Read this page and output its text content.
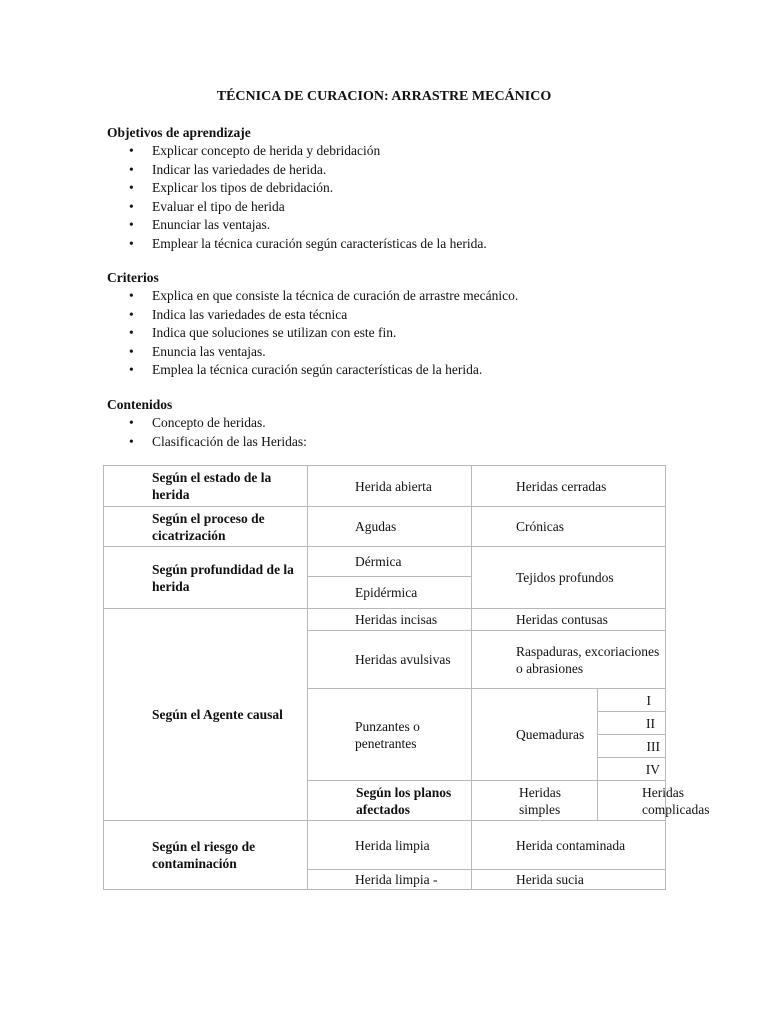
TÉCNICA DE CURACION: ARRASTRE MECÁNICO
Objetivos de aprendizaje
• Explicar concepto de herida y debridación
• Indicar las variedades de herida.
• Explicar los tipos de debridación.
• Evaluar el tipo de herida
• Enunciar las ventajas.
• Emplear la técnica curación según características de la herida.
Criterios
• Explica en que consiste la técnica de curación de arrastre mecánico.
• Indica las variedades de esta técnica
• Indica que soluciones se utilizan con este fin.
• Enuncia las ventajas.
• Emplea la técnica curación según características de la herida.
Contenidos
• Concepto de heridas.
• Clasificación de las Heridas:
Según el estado de la herida	Herida abierta	Heridas cerradas	
Según el proceso de cicatrización	Agudas	Crónicas	
Según profundidad de la herida	Dérmica	Tejidos profundos	
	Epidérmica		
Según el Agente causal	Heridas incisas	Heridas contusas	
	Heridas avulsivas	Raspaduras, excoriaciones o abrasiones	
	Punzantes o penetrantes	Quemaduras	I
			II
			III
			IV
	Según los planos afectados	Heridas simples	Heridas complicadas
Según el riesgo de contaminación	Herida limpia	Herida contaminada	
	Herida limpia -	Herida sucia	
